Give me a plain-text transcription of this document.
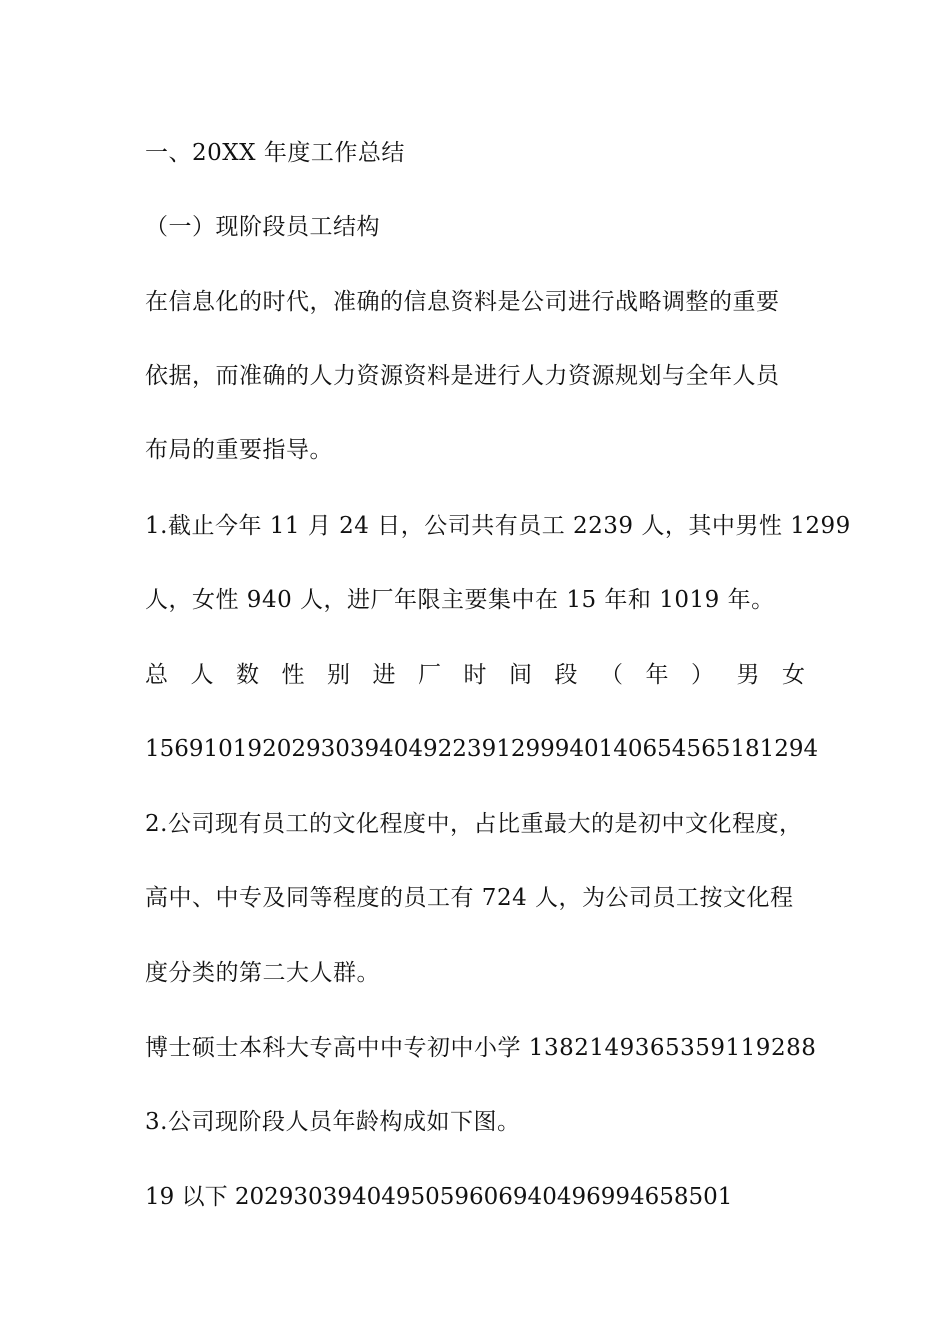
一、20XX 年度工作总结
（一）现阶段员工结构
在信息化的时代，准确的信息资料是公司进行战略调整的重要
依据，而准确的人力资源资料是进行人力资源规划与全年人员
布局的重要指导。
1.截止今年 11 月 24 日，公司共有员工 2239 人，其中男性 1299
人，女性 940 人，进厂年限主要集中在 15 年和 1019 年。
总 人 数 性 别 进 厂 时 间 段 （ 年 ） 男 女
1569101920293039404922391299940140654565181294
2.公司现有员工的文化程度中，占比重最大的是初中文化程度，
高中、中专及同等程度的员工有 724 人，为公司员工按文化程
度分类的第二大人群。
博士硕士本科大专高中中专初中小学 1382149365359119288
3.公司现阶段人员年龄构成如下图。
19 以下 202930394049505960694049699465850​1
